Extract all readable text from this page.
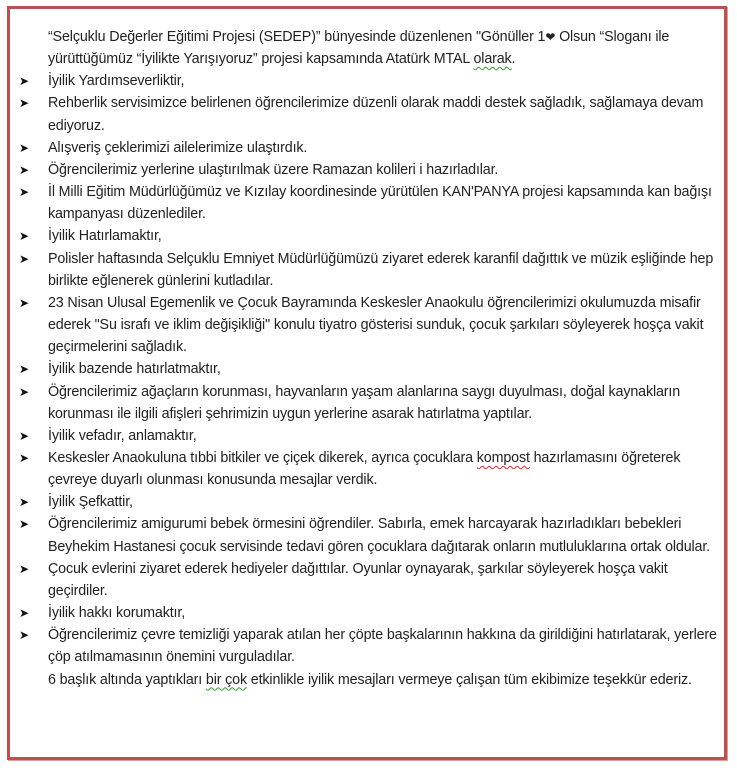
“Selçuklu Değerler Eğitimi Projesi (SEDEP)” bünyesinde düzenlenen "Gönüller 1❤ Olsun “Sloganı ile yürüttüğümüz “İyilikte Yarışıyoruz” projesi kapsamında Atatürk MTAL olarak.

➤ İyilik Yardımseverliktir,

➤ Rehberlik servisimizce belirlenen öğrencilerimize düzenli olarak maddi destek sağladık, sağlamaya devam ediyoruz.

➤ Alışveriş çeklerimizi ailelerimize ulaştırdık.

➤ Öğrencilerimiz yerlerine ulaştırılmak üzere Ramazan kolileri i hazırladılar.

➤ İl Milli Eğitim Müdürlüğümüz ve Kızılay koordinesinde yürütülen KAN'PANYA projesi kapsamında kan bağışı kampanyası düzenlediler.

➤ İyilik Hatırlamaktır,

➤ Polisler haftasında Selçuklu Emniyet Müdürlüğümüzü ziyaret ederek karanfil dağıttık ve müzik eşliğinde hep birlikte eğlenerek günlerini kutladılar.

➤ 23 Nisan Ulusal Egemenlik ve Çocuk Bayramında Keskesler Anaokulu öğrencilerimizi okulumuzda misafir ederek "Su israfı ve iklim değişikliği" konulu tiyatro gösterisi sunduk, çocuk şarkıları söyleyerek hoşça vakit geçirmelerini sağladık.

➤ İyilik bazende hatırlatmaktır,

➤ Öğrencilerimiz ağaçların korunması, hayvanların yaşam alanlarına saygı duyulması, doğal kaynakların korunması ile ilgili afişleri şehrimizin uygun yerlerine asarak hatırlatma yaptılar.

➤ İyilik vefadır, anlamaktır,

➤ Keskesler Anaokuluna tıbbi bitkiler ve çiçek dikerek, ayrıca çocuklara kompost hazırlamasını öğreterek çevreye duyarlı olunması konusunda mesajlar verdik.

➤ İyilik Şefkattir,

➤ Öğrencilerimiz amigurumi bebek örmesini öğrendiler. Sabırla, emek harcayarak hazırladıkları bebekleri Beyhekim Hastanesi çocuk servisinde tedavi gören çocuklara dağıtarak onların mutluluklarına ortak oldular.

➤ Çocuk evlerini ziyaret ederek hediyeler dağıttılar. Oyunlar oynayarak, şarkılar söyleyerek hoşça vakit geçirdiler.

➤ İyilik hakkı korumaktır,

➤ Öğrencilerimiz çevre temizliği yaparak atılan her çöpte başkalarının hakkına da girildiğini hatırlatarak, yerlere çöp atılmamasının önemini vurguladılar.

6 başlık altında yaptıkları bir çok etkinlikle iyilik mesajları vermeye çalışan tüm ekibimize teşekkür ederiz.
